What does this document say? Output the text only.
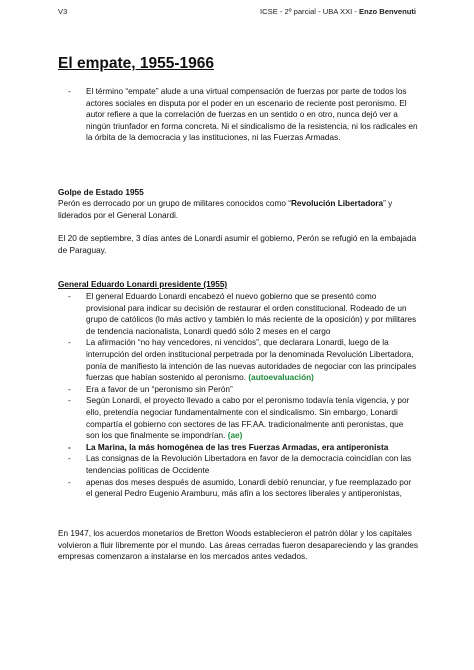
V3	ICSE - 2º parcial - UBA XXI - Enzo Benvenuti
El empate, 1955-1966
- El término “empate” alude a una virtual compensación de fuerzas por parte de todos los actores sociales en disputa por el poder en un escenario de reciente post peronismo. El autor refiere a que la correlación de fuerzas en un sentido o en otro, nunca dejó ver a ningún triunfador en forma concreta. Ni el sindicalismo de la resistencia, ni los radicales en la órbita de la democracia y las instituciones, ni las Fuerzas Armadas.
Golpe de Estado 1955

Perón es derrocado por un grupo de militares conocidos como “Revolución Libertadora” y liderados por el General Lonardi.

El 20 de septiembre, 3 días antes de Lonardi asumir el gobierno, Perón se refugió en la embajada de Paraguay.

General Eduardo Lonardi presidente (1955)
- El general Eduardo Lonardi encabezó el nuevo gobierno que se presentó como provisional para indicar su decisión de restaurar el orden constitucional. Rodeado de un grupo de católicos (lo más activo y también lo más reciente de la oposición) y por militares de tendencia nacionalista, Lonardi quedó sólo 2 meses en el cargo
- La afirmación “no hay vencedores, ni vencidos”, que declarara Lonardi, luego de la interrupción del orden institucional perpetrada por la denominada Revolución Libertadora, ponía de manifiesto la intención de las nuevas autoridades de negociar con las principales fuerzas que habían sostenido al peronismo. (autoevaluación)
- Era a favor de un “peronismo sin Perón”
- Según Lonardi, el proyecto llevado a cabo por el peronismo todavía tenía vigencia, y por ello, pretendía negociar fundamentalmente con el sindicalismo. Sin embargo, Lonardi compartía el gobierno con sectores de las FF.AA. tradicionalmente anti peronistas, que son los que finalmente se impondrían. (ae)
- La Marina, la más homogénea de las tres Fuerzas Armadas, era antiperonista
- Las consignas de la Revolución Libertadora en favor de la democracia coincidían con las tendencias políticas de Occidente
- apenas dos meses después de asumido, Lonardi debió renunciar, y fue reemplazado por el general Pedro Eugenio Aramburu, más afín a los sectores liberales y antiperonistas,

En 1947, los acuerdos monetarios de Bretton Woods establecieron el patrón dólar y los capitales volvieron a fluir libremente por el mundo. Las áreas cerradas fueron desapareciendo y las grandes empresas comenzaron a instalarse en los mercados antes vedados.
